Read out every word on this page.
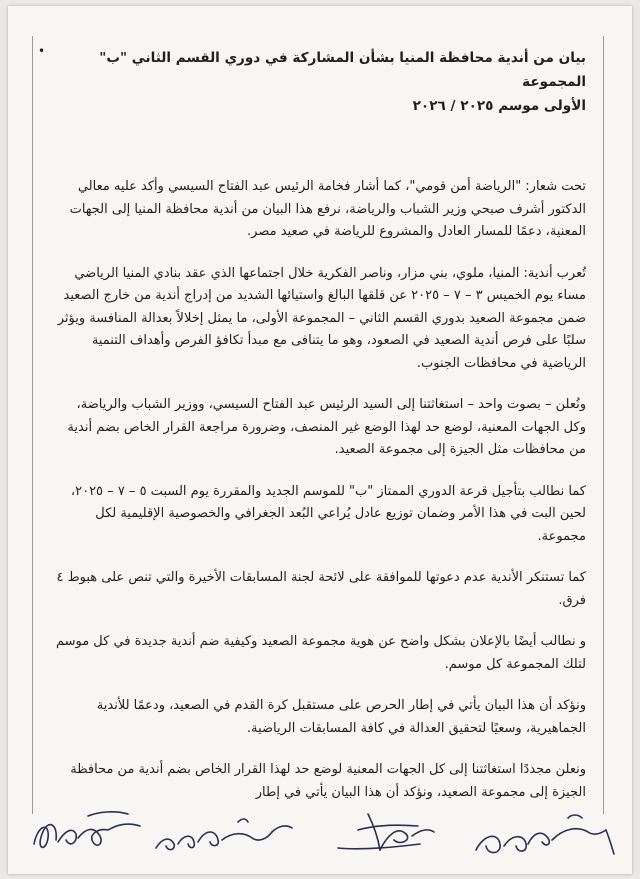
•	بيان من أندية محافظة المنيا بشأن المشاركة في دوري القسم الثاني "ب" المجموعة
الأولى موسم ٢٠٢٥ / ٢٠٢٦

تحت شعار: "الرياضة أمن قومي"، كما أشار فخامة الرئيس عبد الفتاح السيسي وأكد عليه معالي الدكتور أشرف صبحي وزير الشباب والرياضة، نرفع هذا البيان من أندية محافظة المنيا إلى الجهات المعنية، دعمًا للمسار العادل والمشروع للرياضة في صعيد مصر.

تُعرب أندية: المنيا، ملوي، بني مزار، وناصر الفكرية خلال اجتماعها الذي عقد بنادي المنيا الرياضي مساء يوم الخميس ٣ – ٧ – ٢٠٢٥ عن قلقها البالغ واستيائها الشديد من إدراج أندية من خارج الصعيد ضمن مجموعة الصعيد بدوري القسم الثاني – المجموعة الأولى، ما يمثل إخلالاً بعدالة المنافسة ويؤثر سلبًا على فرص أندية الصعيد في الصعود، وهو ما يتنافى مع مبدأ تكافؤ الفرص وأهداف التنمية الرياضية في محافظات الجنوب.

ونُعلن – بصوت واحد – استغاثتنا إلى السيد الرئيس عبد الفتاح السيسي، ووزير الشباب والرياضة، وكل الجهات المعنية، لوضع حد لهذا الوضع غير المنصف، وضرورة مراجعة القرار الخاص بضم أندية من محافظات مثل الجيزة إلى مجموعة الصعيد.

كما نطالب بتأجيل قرعة الدوري الممتاز "ب" للموسم الجديد والمقررة يوم السبت ٥ – ٧ – ٢٠٢٥، لحين البت في هذا الأمر وضمان توزيع عادل يُراعي البُعد الجغرافي والخصوصية الإقليمية لكل مجموعة.

كما تستنكر الأندية عدم دعوتها للموافقة على لائحة لجنة المسابقات الأخيرة والتي تنص على هبوط ٤ فرق.

و نطالب أيضًا بالإعلان بشكل واضح عن هوية مجموعة الصعيد وكيفية ضم أندية جديدة في كل موسم لتلك المجموعة كل موسم.

ونؤكد أن هذا البيان يأتي في إطار الحرص على مستقبل كرة القدم في الصعيد، ودعمًا للأندية الجماهيرية، وسعيًا لتحقيق العدالة في كافة المسابقات الرياضية.

ونعلن مجددًا استغاثتنا إلى كل الجهات المعنية لوضع حد لهذا القرار الخاص بضم أندية من محافظة الجيزة إلى مجموعة الصعيد، ونؤكد أن هذا البيان يأتي في إطار
